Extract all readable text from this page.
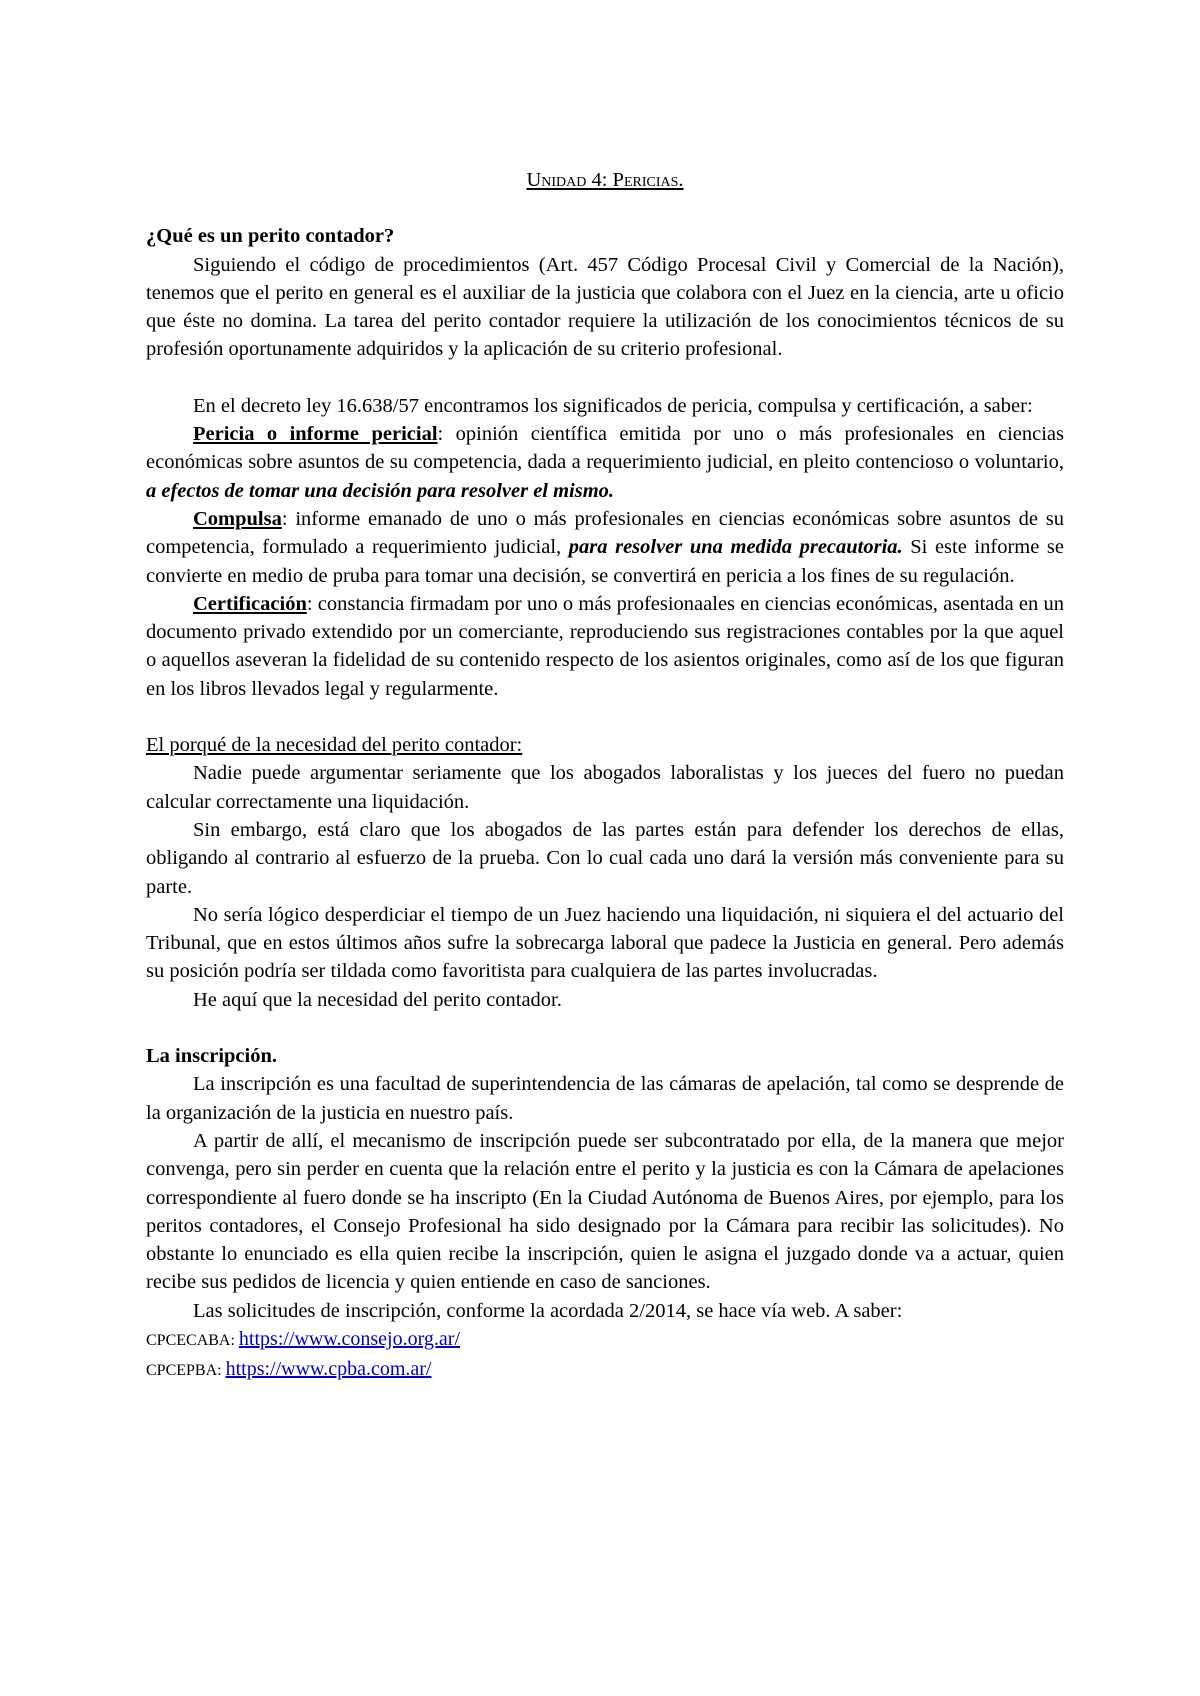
Unidad 4: Pericias.
¿Qué es un perito contador?
Siguiendo el código de procedimientos (Art. 457 Código Procesal Civil y Comercial de la Nación), tenemos que el perito en general es el auxiliar de la justicia que colabora con el Juez en la ciencia, arte u oficio que éste no domina. La tarea del perito contador requiere la utilización de los conocimientos técnicos de su profesión oportunamente adquiridos y la aplicación de su criterio profesional.
En el decreto ley 16.638/57 encontramos los significados de pericia, compulsa y certificación, a saber:
Pericia o informe pericial: opinión científica emitida por uno o más profesionales en ciencias económicas sobre asuntos de su competencia, dada a requerimiento judicial, en pleito contencioso o voluntario, a efectos de tomar una decisión para resolver el mismo.
Compulsa: informe emanado de uno o más profesionales en ciencias económicas sobre asuntos de su competencia, formulado a requerimiento judicial, para resolver una medida precautoria. Si este informe se convierte en medio de pruba para tomar una decisión, se convertirá en pericia a los fines de su regulación.
Certificación: constancia firmadam por uno o más profesionaales en ciencias económicas, asentada en un documento privado extendido por un comerciante, reproduciendo sus registraciones contables por la que aquel o aquellos aseveran la fidelidad de su contenido respecto de los asientos originales, como así de los que figuran en los libros llevados legal y regularmente.
El porqué de la necesidad del perito contador:
Nadie puede argumentar seriamente que los abogados laboralistas y los jueces del fuero no puedan calcular correctamente una liquidación.
Sin embargo, está claro que los abogados de las partes están para defender los derechos de ellas, obligando al contrario al esfuerzo de la prueba. Con lo cual cada uno dará la versión más conveniente para su parte.
No sería lógico desperdiciar el tiempo de un Juez haciendo una liquidación, ni siquiera el del actuario del Tribunal, que en estos últimos años sufre la sobrecarga laboral que padece la Justicia en general. Pero además su posición podría ser tildada como favoritista para cualquiera de las partes involucradas.
He aquí que la necesidad del perito contador.
La inscripción.
La inscripción es una facultad de superintendencia de las cámaras de apelación, tal como se desprende de la organización de la justicia en nuestro país.
A partir de allí, el mecanismo de inscripción puede ser subcontratado por ella, de la manera que mejor convenga, pero sin perder en cuenta que la relación entre el perito y la justicia es con la Cámara de apelaciones correspondiente al fuero donde se ha inscripto (En la Ciudad Autónoma de Buenos Aires, por ejemplo, para los peritos contadores, el Consejo Profesional ha sido designado por la Cámara para recibir las solicitudes). No obstante lo enunciado es ella quien recibe la inscripción, quien le asigna el juzgado donde va a actuar, quien recibe sus pedidos de licencia y quien entiende en caso de sanciones.
Las solicitudes de inscripción, conforme la acordada 2/2014, se hace vía web. A saber:
CPCECABA: https://www.consejo.org.ar/
CPCEPBA: https://www.cpba.com.ar/
